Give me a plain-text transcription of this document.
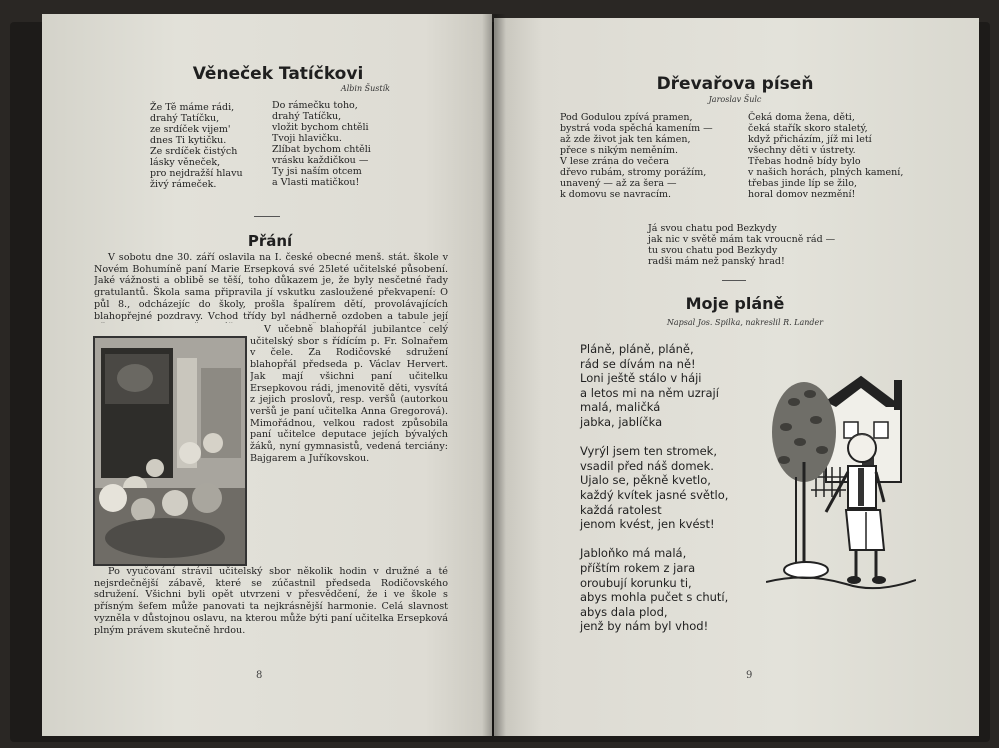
Věneček Tatíčkovi
Albin Šustík
Že Tě máme rádi,
drahý Tatíčku,
ze srdíček vijem'
dnes Ti kytičku.
Ze srdíček čistých
lásky věneček,
pro nejdražší hlavu
živý rámeček.
Do rámečku toho,
drahý Tatíčku,
vložit bychom chtěli
Tvoji hlavičku.
Zlíbat bychom chtěli
vrásku každičkou —
Ty jsi naším otcem
a Vlasti matičkou!
Přání

V sobotu dne 30. září oslavila na I. české obecné menš. stát. škole v Novém Bohumíně paní Marie Ersepková své 25leté učitelské působení. Jaké vážnosti a oblibě se těší, toho důkazem je, že byly nesčetné řady gratulantů. Škola sama připravila jí vskutku zasloužené překvapení: O půl 8., odcházejíc do školy, prošla špalírem dětí, provolávajících blahopřejné pozdravy. Vchod třídy byl nádherně ozdoben a tabule její

V učebně blahopřál jubilantce celý učitelský sbor s řídícím p. Fr. Solnařem v čele. Za Rodičovské sdružení blahopřál předseda p. Václav Hervert. Jak mají všichni paní učitelku Ersepkovou rádi, jmenovitě děti, vysvítá z jejich proslovů, resp. veršů (autorkou veršů je paní učitelka Anna Gregorová). Mimořádnou, velkou radost způsobila paní učitelce deputace jejích bývalých žáků, nyní gymnasistů, vedená terciány: Bajgarem a Juříkovskou.

Po vyučování strávil učitelský sbor několik hodin v družné a té nejsrdečnější zábavě, které se zúčastnil předseda Rodičovského sdružení. Všichni byli opět utvrzeni v přesvědčení, že i ve škole s přísným šefem může panovati ta nejkrásnější harmonie. Celá slavnost vyzněla v důstojnou oslavu, na kterou může býti paní učitelka Ersepková plným právem skutečně hrdou.

8
Dřevařova píseň
Jaroslav Šulc
Pod Godulou zpívá pramen,
bystrá voda spěchá kamením —
až zde život jak ten kámen,
přece s nikým neměním.
V lese zrána do večera
dřevo rubám, stromy porážím,
unavený — až za šera —
k domovu se navracím.
Čeká doma žena, děti,
čeká stařík skoro staletý,
když přicházím, jíž mi letí
všechny děti v ústrety.
Třebas hodně bídy bylo
v našich horách, plných kamení,
třebas jinde líp se žilo,
horal domov nezmění!
Já svou chatu pod Bezkydy
jak nic v světě mám tak vroucně rád —
tu svou chatu pod Bezkydy
radši mám než panský hrad!
Moje pláně
Napsal Jos. Spilka, nakreslil R. Lander
Pláně, pláně, pláně,
rád se dívám na ně!
Loni ještě stálo v háji
a letos mi na něm uzrají
malá, maličká
jabka, jablíčka

Vyrýl jsem ten stromek,
vsadil před náš domek.
Ujalo se, pěkně kvetlo,
každý kvítek jasné světlo,
každá ratolest
jenom kvést, jen kvést!

Jabloňko má malá,
příštím rokem z jara
oroubují korunku ti,
abys mohla pučet s chutí,
abys dala plod,
jenž by nám byl vhod!
9
